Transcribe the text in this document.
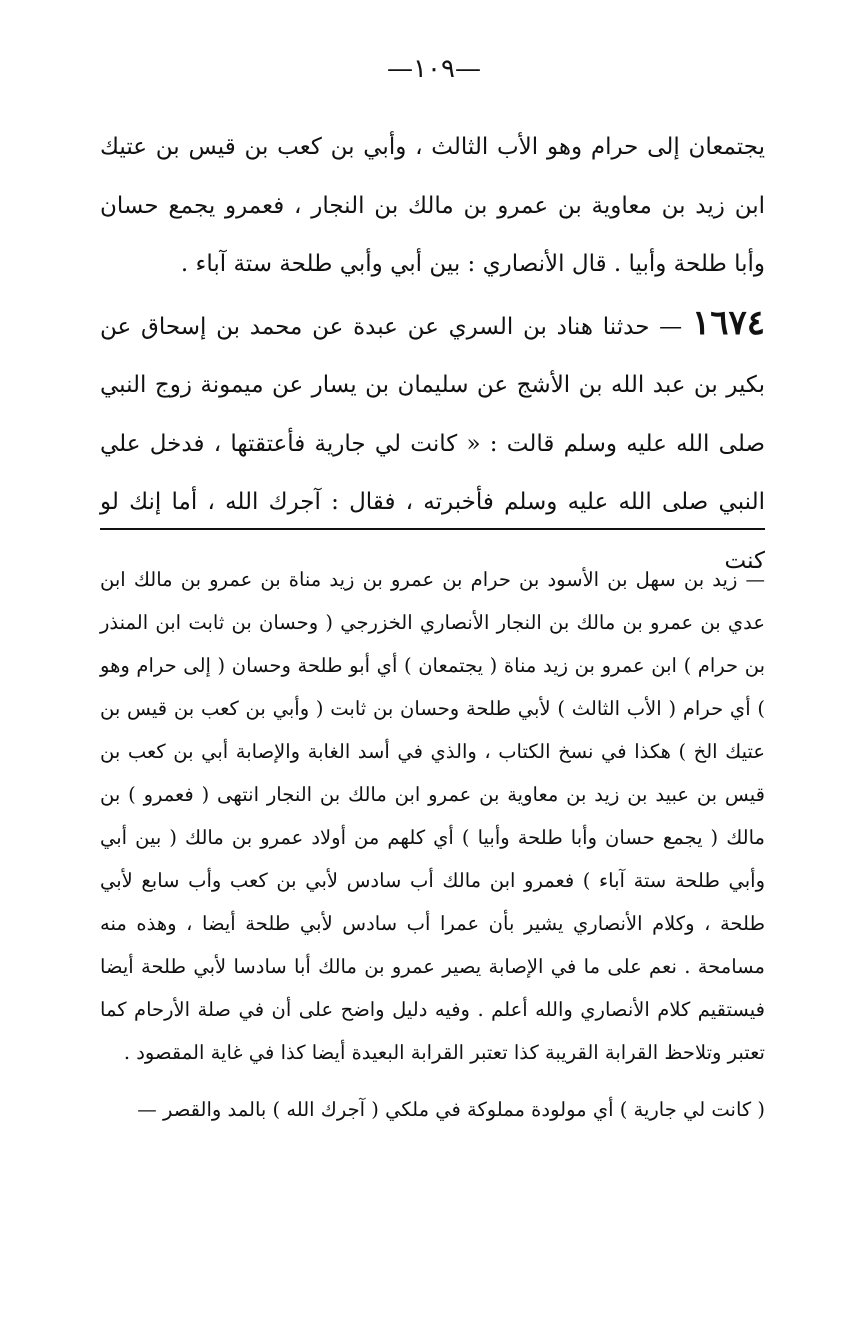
—١٠٩—

يجتمعان إلى حرام وهو الأب الثالث ، وأبي بن كعب بن قيس بن عتيك ابن زيد بن معاوية بن عمرو بن مالك بن النجار ، فعمرو يجمع حسان وأبا طلحة وأبيا . قال الأنصاري : بين أبي وأبي طلحة ستة آباء .

١٦٧٤ — حدثنا هناد بن السري عن عبدة عن محمد بن إسحاق عن بكير بن عبد الله بن الأشج عن سليمان بن يسار عن ميمونة زوج النبي صلى الله عليه وسلم قالت : « كانت لي جارية فأعتقتها ، فدخل علي النبي صلى الله عليه وسلم فأخبرته ، فقال : آجرك الله ، أما إنك لو كنت

— زيد بن سهل بن الأسود بن حرام بن عمرو بن زيد مناة بن عمرو بن مالك ابن عدي بن عمرو بن مالك بن النجار الأنصاري الخزرجي ( وحسان بن ثابت ابن المنذر بن حرام ) ابن عمرو بن زيد مناة ( يجتمعان ) أي أبو طلحة وحسان ( إلى حرام وهو ) أي حرام ( الأب الثالث ) لأبي طلحة وحسان بن ثابت ( وأبي بن كعب بن قيس بن عتيك الخ ) هكذا في نسخ الكتاب ، والذي في أسد الغابة والإصابة أبي بن كعب بن قيس بن عبيد بن زيد بن معاوية بن عمرو ابن مالك بن النجار انتهى ( فعمرو ) بن مالك ( يجمع حسان وأبا طلحة وأبيا ) أي كلهم من أولاد عمرو بن مالك ( بين أبي وأبي طلحة ستة آباء ) فعمرو ابن مالك أب سادس لأبي بن كعب وأب سابع لأبي طلحة ، وكلام الأنصاري يشير بأن عمرا أب سادس لأبي طلحة أيضا ، وهذه منه مسامحة . نعم على ما في الإصابة يصير عمرو بن مالك أبا سادسا لأبي طلحة أيضا فيستقيم كلام الأنصاري والله أعلم . وفيه دليل واضح على أن في صلة الأرحام كما تعتبر وتلاحظ القرابة القريبة كذا تعتبر القرابة البعيدة أيضا كذا في غاية المقصود .

( كانت لي جارية ) أي مولودة مملوكة في ملكي ( آجرك الله ) بالمد والقصر —
